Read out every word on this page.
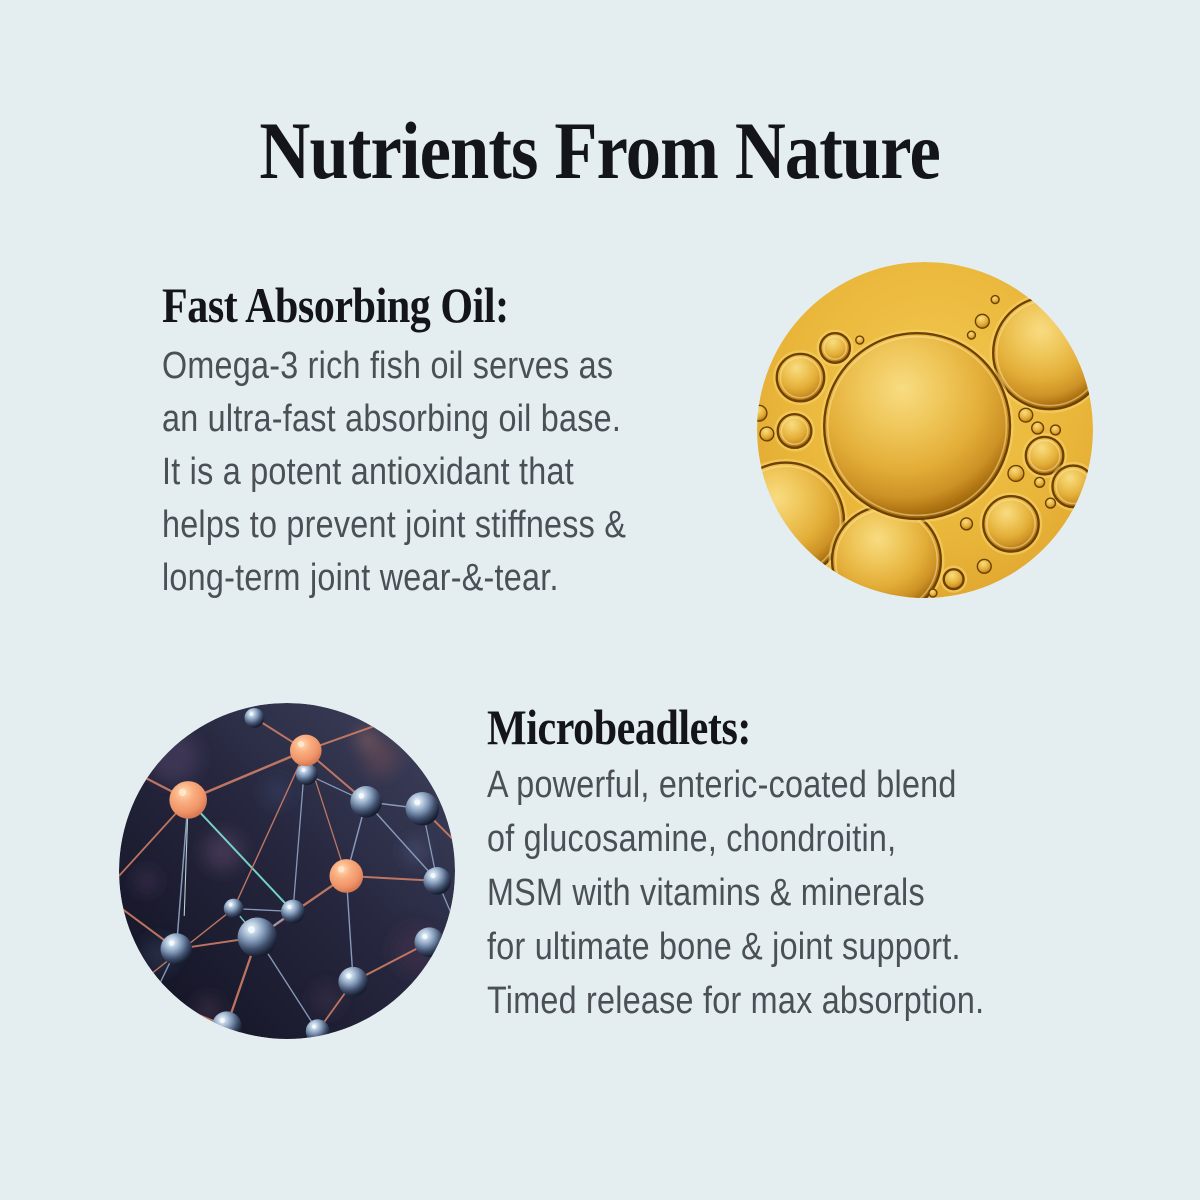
Nutrients From Nature
Fast Absorbing Oil:
Omega-3 rich fish oil serves as
an ultra-fast absorbing oil base.
It is a potent antioxidant that
helps to prevent joint stiffness &
long-term joint wear-&-tear.
Microbeadlets:
A powerful, enteric-coated blend
of glucosamine, chondroitin,
MSM with vitamins & minerals
for ultimate bone & joint support.
Timed release for max absorption.
